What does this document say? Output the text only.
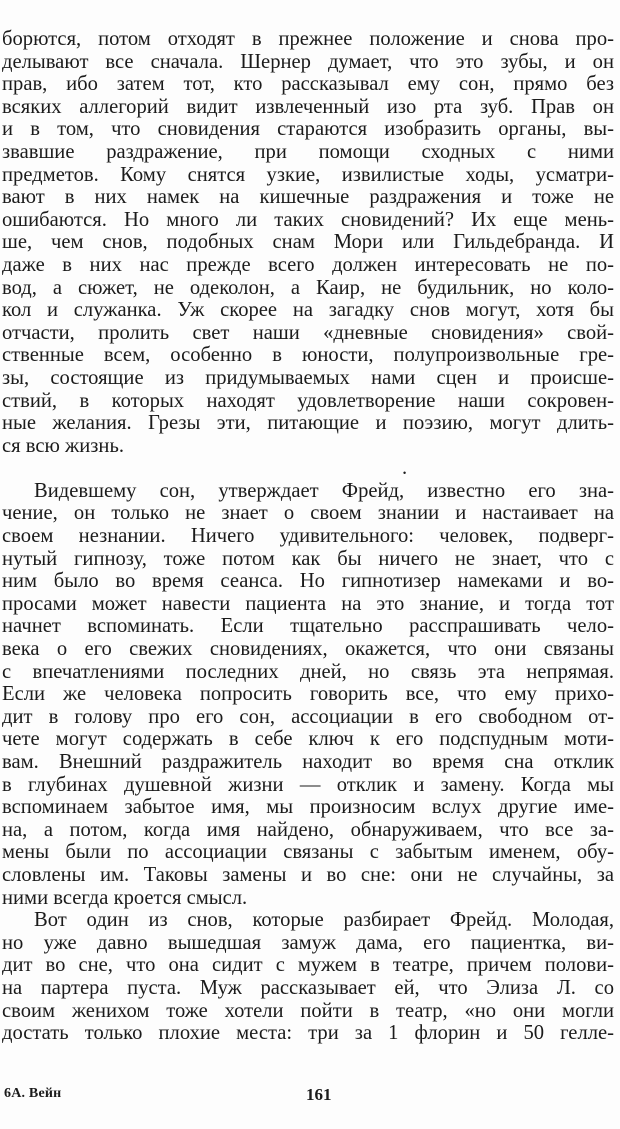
борются, потом отходят в прежнее положение и снова про-
делывают все сначала. Шернер думает, что это зубы, и он
прав, ибо затем тот, кто рассказывал ему сон, прямо без
всяких аллегорий видит извлеченный изо рта зуб. Прав он
и в том, что сновидения стараются изобразить органы, вы-
звавшие раздражение, при помощи сходных с ними
предметов. Кому снятся узкие, извилистые ходы, усматри-
вают в них намек на кишечные раздражения и тоже не
ошибаются. Но много ли таких сновидений? Их еще мень-
ше, чем снов, подобных снам Мори или Гильдебранда. И
даже в них нас прежде всего должен интересовать не по-
вод, а сюжет, не одеколон, а Каир, не будильник, но коло-
кол и служанка. Уж скорее на загадку снов могут, хотя бы
отчасти, пролить свет наши «дневные сновидения» свой-
ственные всем, особенно в юности, полупроизвольные гре-
зы, состоящие из придумываемых нами сцен и происше-
ствий, в которых находят удовлетворение наши сокровен-
ные желания. Грезы эти, питающие и поэзию, могут длить-
ся всю жизнь.
.
Видевшему сон, утверждает Фрейд, известно его зна-
чение, он только не знает о своем знании и настаивает на
своем незнании. Ничего удивительного: человек, подверг-
нутый гипнозу, тоже потом как бы ничего не знает, что с
ним было во время сеанса. Но гипнотизер намеками и во-
просами может навести пациента на это знание, и тогда тот
начнет вспоминать. Если тщательно расспрашивать чело-
века о его свежих сновидениях, окажется, что они связаны
с впечатлениями последних дней, но связь эта непрямая.
Если же человека попросить говорить все, что ему прихо-
дит в голову про его сон, ассоциации в его свободном от-
чете могут содержать в себе ключ к его подспудным моти-
вам. Внешний раздражитель находит во время сна отклик
в глубинах душевной жизни — отклик и замену. Когда мы
вспоминаем забытое имя, мы произносим вслух другие име-
на, а потом, когда имя найдено, обнаруживаем, что все за-
мены были по ассоциации связаны с забытым именем, обу-
словлены им. Таковы замены и во сне: они не случайны, за
ними всегда кроется смысл.
Вот один из снов, которые разбирает Фрейд. Молодая,
но уже давно вышедшая замуж дама, его пациентка, ви-
дит во сне, что она сидит с мужем в театре, причем полови-
на партера пуста. Муж рассказывает ей, что Элиза Л. со
своим женихом тоже хотели пойти в театр, «но они могли
достать только плохие места: три за 1 флорин и 50 гелле-
6А. Вейн	161
